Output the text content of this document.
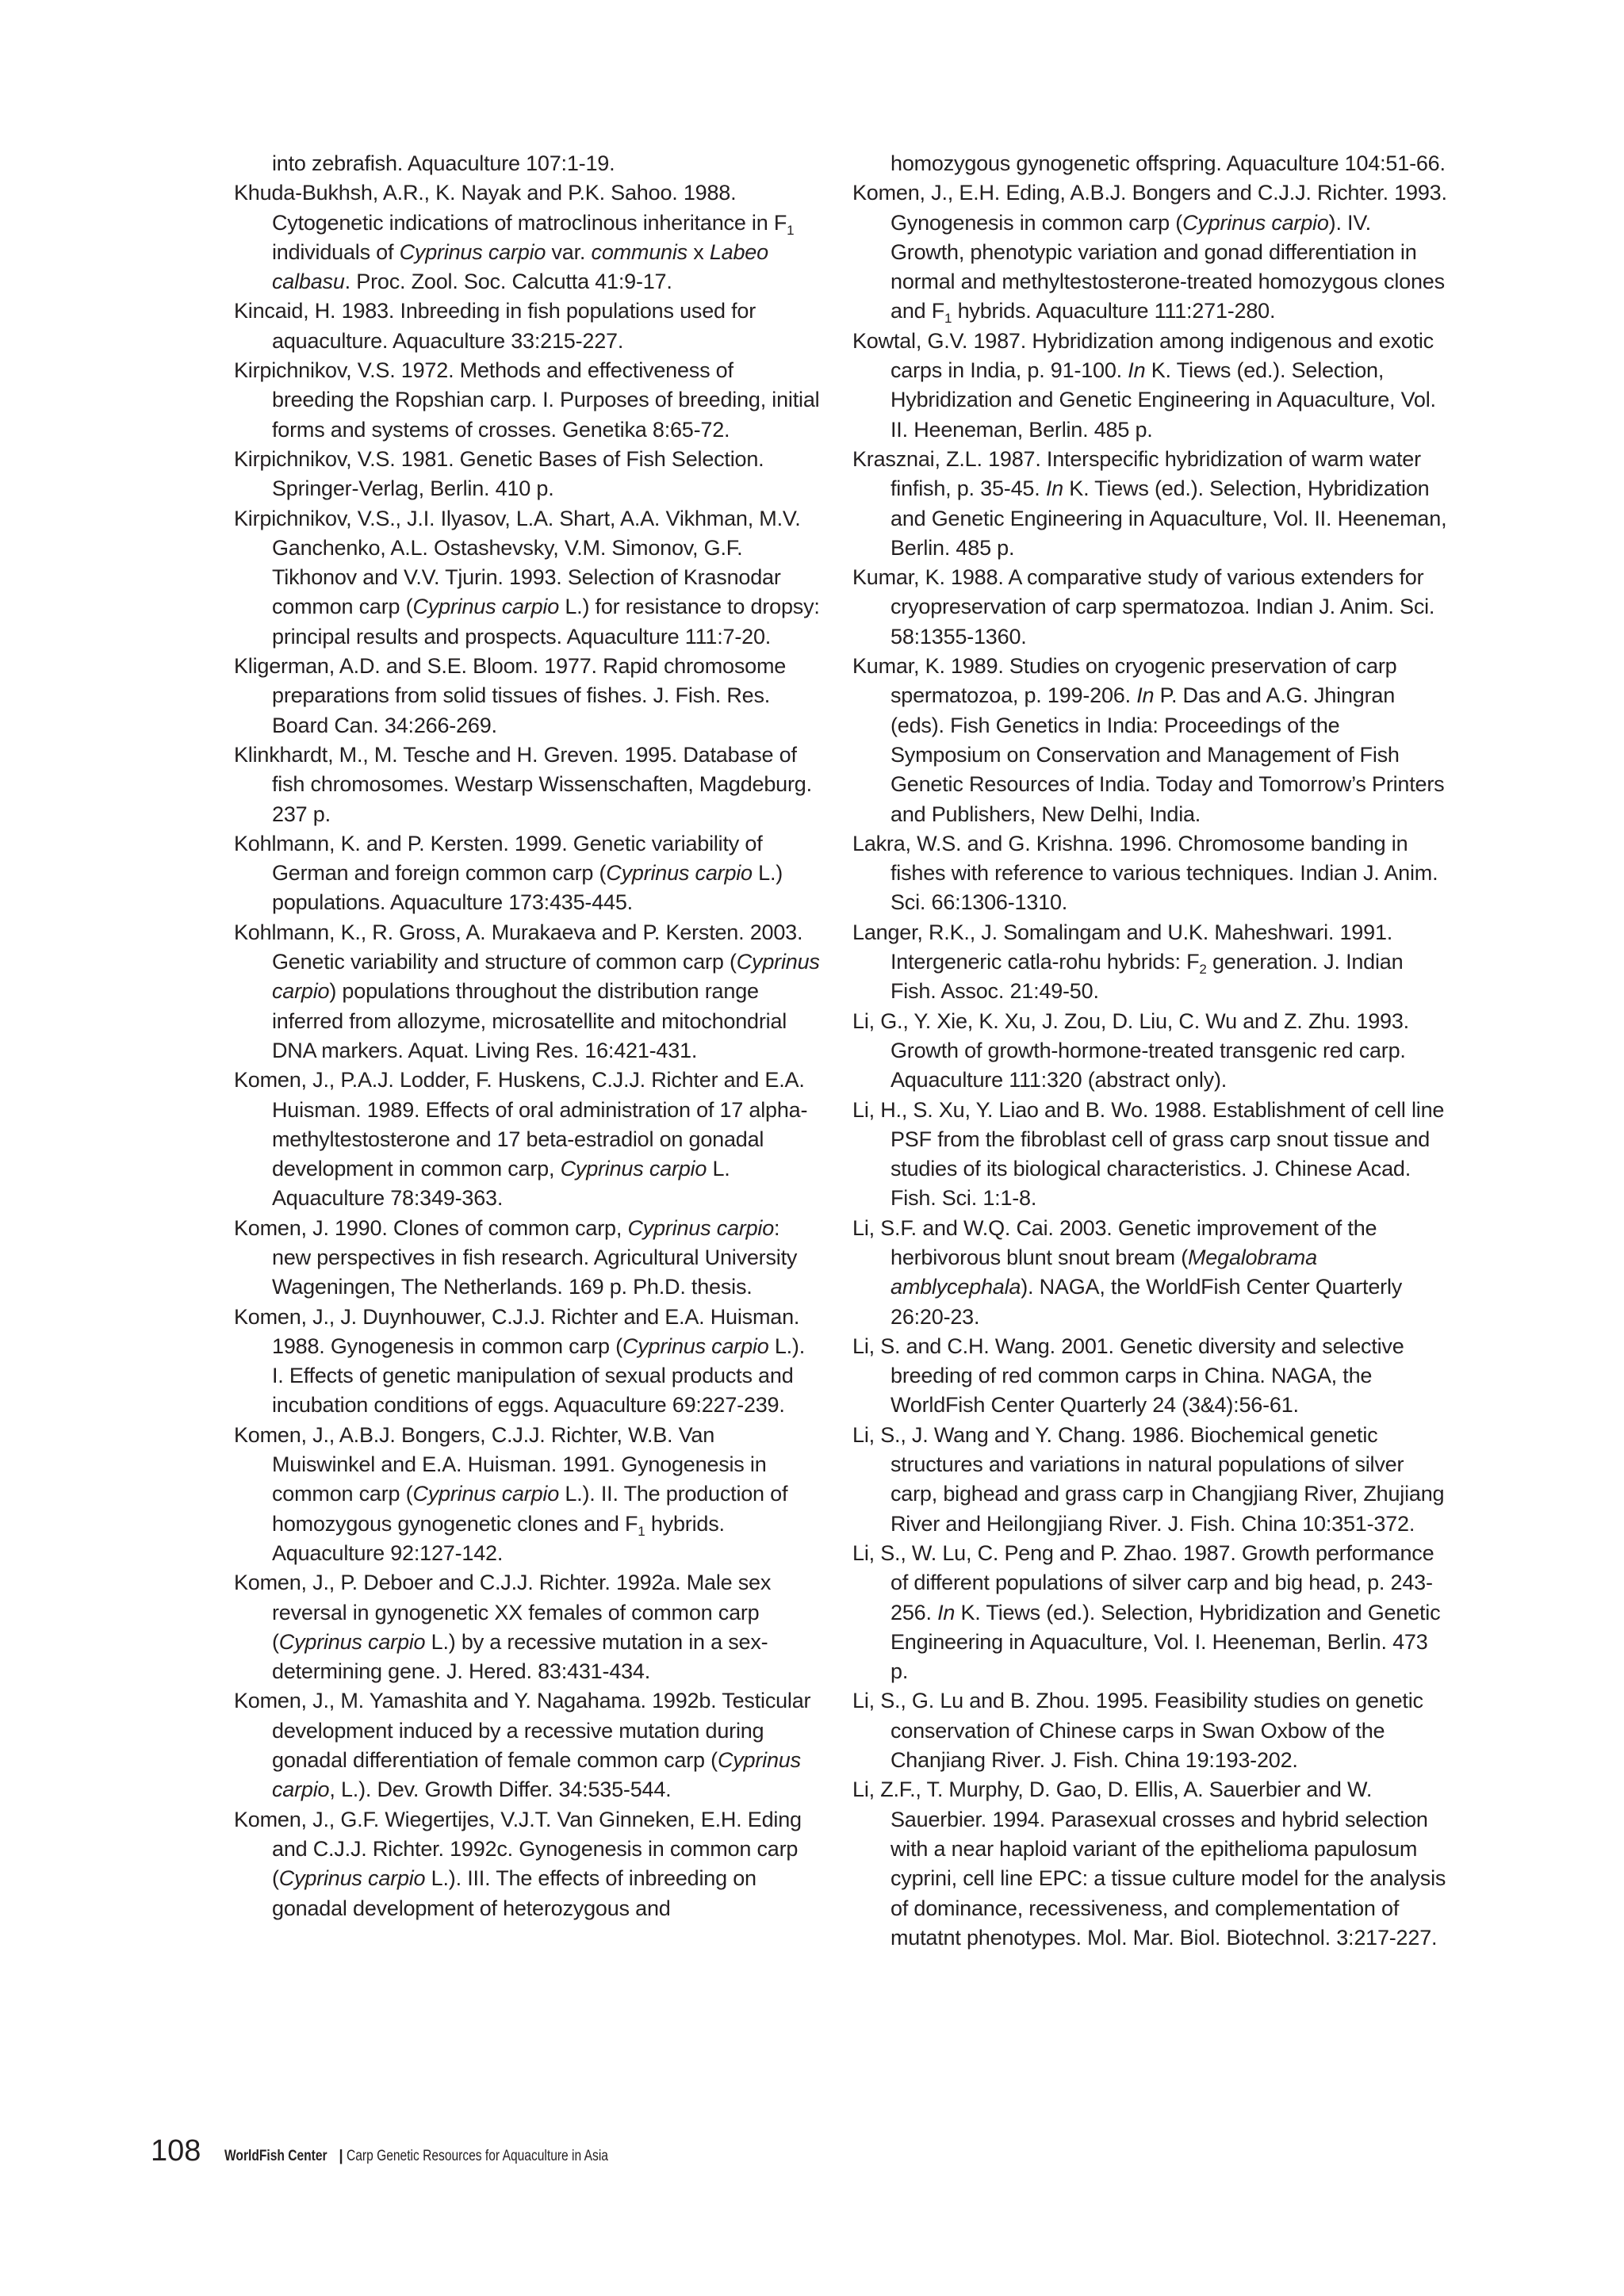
into zebrafish. Aquaculture 107:1-19.

Khuda-Bukhsh, A.R., K. Nayak and P.K. Sahoo. 1988. Cytogenetic indications of matroclinous inheritance in $F_1$ individuals of Cyprinus carpio var. communis x Labeo calbasu. Proc. Zool. Soc. Calcutta 41:9-17.

Kincaid, H. 1983. Inbreeding in fish populations used for aquaculture. Aquaculture 33:215-227.

Kirpichnikov, V.S. 1972. Methods and effectiveness of breeding the Ropshian carp. I. Purposes of breeding, initial forms and systems of crosses. Genetika 8:65-72.

Kirpichnikov, V.S. 1981. Genetic Bases of Fish Selection. Springer-Verlag, Berlin. 410 p.

Kirpichnikov, V.S., J.I. Ilyasov, L.A. Shart, A.A. Vikhman, M.V. Ganchenko, A.L. Ostashevsky, V.M. Simonov, G.F. Tikhonov and V.V. Tjurin. 1993. Selection of Krasnodar common carp (Cyprinus carpio L.) for resistance to dropsy: principal results and prospects. Aquaculture 111:7-20.

Kligerman, A.D. and S.E. Bloom. 1977. Rapid chromosome preparations from solid tissues of fishes. J. Fish. Res. Board Can. 34:266-269.

Klinkhardt, M., M. Tesche and H. Greven. 1995. Database of fish chromosomes. Westarp Wissenschaften, Magdeburg. 237 p.

Kohlmann, K. and P. Kersten. 1999. Genetic variability of German and foreign common carp (Cyprinus carpio L.) populations. Aquaculture 173:435-445.

Kohlmann, K., R. Gross, A. Murakaeva and P. Kersten. 2003. Genetic variability and structure of common carp (Cyprinus carpio) populations throughout the distribution range inferred from allozyme, microsatellite and mitochondrial DNA markers. Aquat. Living Res. 16:421-431.

Komen, J., P.A.J. Lodder, F. Huskens, C.J.J. Richter and E.A. Huisman. 1989. Effects of oral administration of 17 alpha-methyltestosterone and 17 beta-estradiol on gonadal development in common carp, Cyprinus carpio L. Aquaculture 78:349-363.

Komen, J. 1990. Clones of common carp, Cyprinus carpio: new perspectives in fish research. Agricultural University Wageningen, The Netherlands. 169 p. Ph.D. thesis.

Komen, J., J. Duynhouwer, C.J.J. Richter and E.A. Huisman. 1988. Gynogenesis in common carp (Cyprinus carpio L.). I. Effects of genetic manipulation of sexual products and incubation conditions of eggs. Aquaculture 69:227-239.

Komen, J., A.B.J. Bongers, C.J.J. Richter, W.B. Van Muiswinkel and E.A. Huisman. 1991. Gynogenesis in common carp (Cyprinus carpio L.). II. The production of homozygous gynogenetic clones and $F_1$ hybrids. Aquaculture 92:127-142.

Komen, J., P. Deboer and C.J.J. Richter. 1992a. Male sex reversal in gynogenetic XX females of common carp (Cyprinus carpio L.) by a recessive mutation in a sex-determining gene. J. Hered. 83:431-434.

Komen, J., M. Yamashita and Y. Nagahama. 1992b. Testicular development induced by a recessive mutation during gonadal differentiation of female common carp (Cyprinus carpio, L.). Dev. Growth Differ. 34:535-544.

Komen, J., G.F. Wiegertijes, V.J.T. Van Ginneken, E.H. Eding and C.J.J. Richter. 1992c. Gynogenesis in common carp (Cyprinus carpio L.). III. The effects of inbreeding on gonadal development of heterozygous and

homozygous gynogenetic offspring. Aquaculture 104:51-66.

Komen, J., E.H. Eding, A.B.J. Bongers and C.J.J. Richter. 1993. Gynogenesis in common carp (Cyprinus carpio). IV. Growth, phenotypic variation and gonad differentiation in normal and methyltestosterone-treated homozygous clones and $F_1$ hybrids. Aquaculture 111:271-280.

Kowtal, G.V. 1987. Hybridization among indigenous and exotic carps in India, p. 91-100. In K. Tiews (ed.). Selection, Hybridization and Genetic Engineering in Aquaculture, Vol. II. Heeneman, Berlin. 485 p.

Krasznai, Z.L. 1987. Interspecific hybridization of warm water finfish, p. 35-45. In K. Tiews (ed.). Selection, Hybridization and Genetic Engineering in Aquaculture, Vol. II. Heeneman, Berlin. 485 p.

Kumar, K. 1988. A comparative study of various extenders for cryopreservation of carp spermatozoa. Indian J. Anim. Sci. 58:1355-1360.

Kumar, K. 1989. Studies on cryogenic preservation of carp spermatozoa, p. 199-206. In P. Das and A.G. Jhingran (eds). Fish Genetics in India: Proceedings of the Symposium on Conservation and Management of Fish Genetic Resources of India. Today and Tomorrow’s Printers and Publishers, New Delhi, India.

Lakra, W.S. and G. Krishna. 1996. Chromosome banding in fishes with reference to various techniques. Indian J. Anim. Sci. 66:1306-1310.

Langer, R.K., J. Somalingam and U.K. Maheshwari. 1991. Intergeneric catla-rohu hybrids: $F_2$ generation. J. Indian Fish. Assoc. 21:49-50.

Li, G., Y. Xie, K. Xu, J. Zou, D. Liu, C. Wu and Z. Zhu. 1993. Growth of growth-hormone-treated transgenic red carp. Aquaculture 111:320 (abstract only).

Li, H., S. Xu, Y. Liao and B. Wo. 1988. Establishment of cell line PSF from the fibroblast cell of grass carp snout tissue and studies of its biological characteristics. J. Chinese Acad. Fish. Sci. 1:1-8.

Li, S.F. and W.Q. Cai. 2003. Genetic improvement of the herbivorous blunt snout bream (Megalobrama amblycephala). NAGA, the WorldFish Center Quarterly 26:20-23.

Li, S. and C.H. Wang. 2001. Genetic diversity and selective breeding of red common carps in China. NAGA, the WorldFish Center Quarterly 24 (3&4):56-61.

Li, S., J. Wang and Y. Chang. 1986. Biochemical genetic structures and variations in natural populations of silver carp, bighead and grass carp in Changjiang River, Zhujiang River and Heilongjiang River. J. Fish. China 10:351-372.

Li, S., W. Lu, C. Peng and P. Zhao. 1987. Growth performance of different populations of silver carp and big head, p. 243-256. In K. Tiews (ed.). Selection, Hybridization and Genetic Engineering in Aquaculture, Vol. I. Heeneman, Berlin. 473 p.

Li, S., G. Lu and B. Zhou. 1995. Feasibility studies on genetic conservation of Chinese carps in Swan Oxbow of the Chanjiang River. J. Fish. China 19:193-202.

Li, Z.F., T. Murphy, D. Gao, D. Ellis, A. Sauerbier and W. Sauerbier. 1994. Parasexual crosses and hybrid selection with a near haploid variant of the epithelioma papulosum cyprini, cell line EPC: a tissue culture model for the analysis of dominance, recessiveness, and complementation of mutatnt phenotypes. Mol. Mar. Biol. Biotechnol. 3:217-227.

108 WorldFish Center | Carp Genetic Resources for Aquaculture in Asia
